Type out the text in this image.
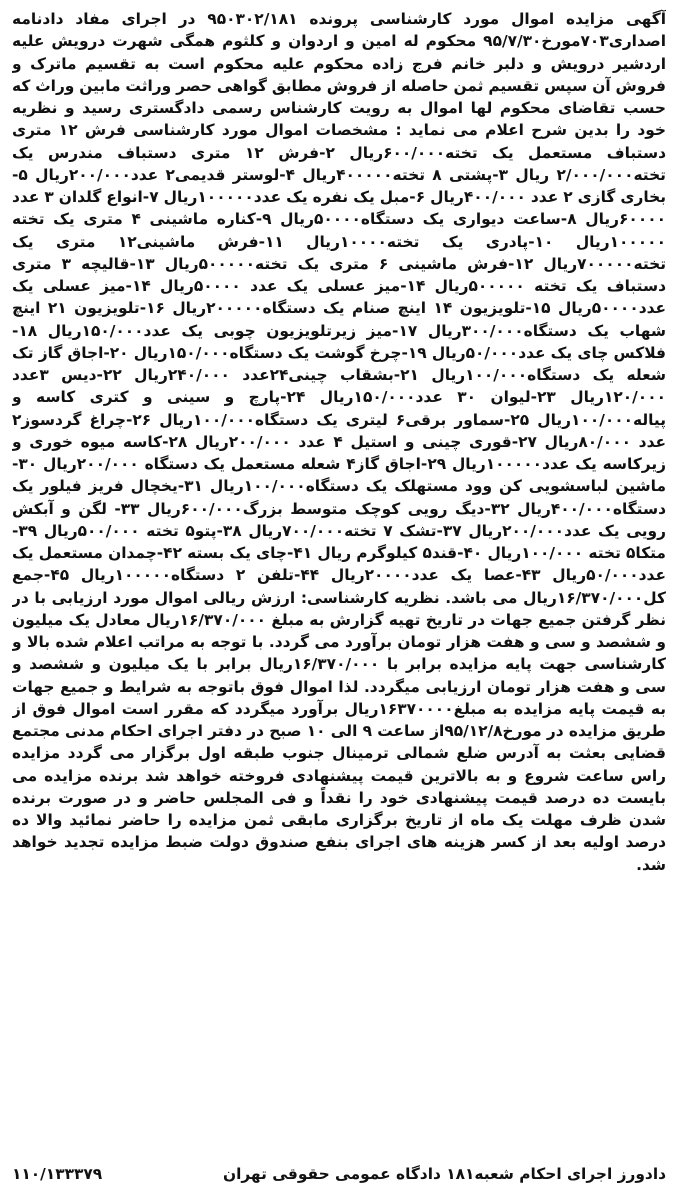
آگهی مزایده اموال مورد کارشناسی پرونده ۹۵۰۳۰۲/۱۸۱ در اجرای مفاد دادنامه اصداری۷۰۳مورخ۹۵/۷/۳۰ محکوم له امین و اردوان و کلثوم همگی شهرت درویش علیه اردشیر درویش و دلبر خانم فرج زاده محکوم علیه محکوم است به تقسیم ماترک و فروش آن سپس تقسیم ثمن حاصله از فروش مطابق گواهی حصر وراثت مابین وراث که حسب تقاضای محکوم لها اموال به رویت کارشناس رسمی دادگستری رسید و نظریه خود را بدین شرح اعلام می نماید : مشخصات اموال مورد کارشناسی فرش ۱۲ متری دستباف مستعمل یک تخته۶۰۰/۰۰۰ریال ۲-فرش ۱۲ متری دستباف مندرس یک تخته۲/۰۰۰/۰۰۰ ریال ۳-پشتی ۸ تخته۴۰۰۰۰۰ریال ۴-لوستر قدیمی۲ عدد۲۰۰/۰۰۰ریال ۵-بخاری گازی ۲ عدد ۴۰۰/۰۰۰ریال ۶-مبل یک نفره یک عدد۱۰۰۰۰۰ریال ۷-انواع گلدان ۳ عدد ۶۰۰۰۰ریال ۸-ساعت دیواری یک دستگاه۵۰۰۰۰ریال ۹-کناره ماشینی ۴ متری یک تخته ۱۰۰۰۰۰ریال ۱۰-پادری یک تخته۱۰۰۰۰ریال ۱۱-فرش ماشینی۱۲ متری یک تخته۷۰۰۰۰۰ریال ۱۲-فرش ماشینی ۶ متری یک تخته۵۰۰۰۰۰ریال ۱۳-قالیچه ۳ متری دستباف یک تخته ۵۰۰۰۰۰ریال ۱۴-میز عسلی یک عدد ۵۰۰۰۰ریال ۱۴-میز عسلی یک عدد۵۰۰۰۰ریال ۱۵-تلویزیون ۱۴ اینچ صنام یک دستگاه۲۰۰۰۰۰ریال ۱۶-تلویزیون ۲۱ اینچ شهاب یک دستگاه۳۰۰/۰۰۰ریال ۱۷-میز زیرتلویزیون چوبی یک عدد۱۵۰/۰۰۰ریال ۱۸-فلاکس چای یک عدد۵۰/۰۰۰ریال ۱۹-چرخ گوشت یک دستگاه۱۵۰/۰۰۰ریال ۲۰-اجاق گاز تک شعله یک دستگاه۱۰۰/۰۰۰ریال ۲۱-بشقاب چینی۲۴عدد ۲۴۰/۰۰۰ریال ۲۲-دیس ۳عدد ۱۲۰/۰۰۰ریال ۲۳-لیوان ۳۰ عدد۱۵۰/۰۰۰ریال ۲۴-پارچ و سینی و کتری کاسه و پیاله۱۰۰/۰۰۰ریال ۲۵-سماور برقی۶ لیتری یک دستگاه۱۰۰/۰۰۰ریال ۲۶-چراغ گردسوز۲ عدد ۸۰/۰۰۰ریال ۲۷-قوری چینی و استیل ۴ عدد ۲۰۰/۰۰۰ریال ۲۸-کاسه میوه خوری و زیرکاسه یک عدد۱۰۰۰۰۰ریال ۲۹-اجاق گاز۴ شعله مستعمل یک دستگاه ۲۰۰/۰۰۰ریال ۳۰-ماشین لباسشویی کن وود مستهلک یک دستگاه۱۰۰/۰۰۰ریال ۳۱-یخچال فریز فیلور یک دستگاه۴۰۰/۰۰۰ریال ۳۲-دیگ رویی کوچک متوسط بزرگ۶۰۰/۰۰۰ریال ۳۳- لگن و آبکش رویی یک عدد۲۰۰/۰۰۰ریال ۳۷-تشک ۷ تخته۷۰۰/۰۰۰ریال ۳۸-پتو۵ تخته ۵۰۰/۰۰۰ریال ۳۹-متکا۵ تخته ۱۰۰/۰۰۰ریال ۴۰-قند۵ کیلوگرم ریال ۴۱-چای یک بسته ۴۲-چمدان مستعمل یک عدد۵۰/۰۰۰ریال ۴۳-عصا یک عدد۲۰۰۰۰ریال ۴۴-تلفن ۲ دستگاه۱۰۰۰۰۰ریال ۴۵-جمع کل۱۶/۳۷۰/۰۰۰ریال می باشد. نظریه کارشناسی: ارزش ریالی اموال مورد ارزیابی با در نظر گرفتن جمیع جهات در تاریخ تهیه گزارش به مبلغ ۱۶/۳۷۰/۰۰۰ریال معادل یک میلیون و ششصد و سی و هفت هزار تومان برآورد می گردد. با توجه به مراتب اعلام شده بالا و کارشناسی جهت پایه مزایده برابر با ۱۶/۳۷۰/۰۰۰ریال برابر با یک میلیون و ششصد و سی و هفت هزار تومان ارزیابی میگردد. لذا اموال فوق باتوجه به شرایط و جمیع جهات به قیمت پایه مزایده به مبلغ۱۶۳۷۰۰۰۰ریال برآورد میگردد که مقرر است اموال فوق از طریق مزایده در مورخ۹۵/۱۲/۸از ساعت ۹ الی ۱۰ صبح در دفتر اجرای احکام مدنی مجتمع قضایی بعثت به آدرس ضلع شمالی ترمینال جنوب طبقه اول برگزار می گردد مزایده راس ساعت شروع و به بالاترین قیمت پیشنهادی فروخته خواهد شد برنده مزایده می بایست ده درصد قیمت پیشنهادی خود را نقداً و فی المجلس حاضر و در صورت برنده شدن ظرف مهلت یک ماه از تاریخ برگزاری مابقی ثمن مزایده را حاضر نمائید والا ده درصد اولیه بعد از کسر هزینه های اجرای بنفع صندوق دولت ضبط مزایده تجدید خواهد شد.
دادورز اجرای احکام شعبه۱۸۱ دادگاه عمومی حقوقی تهران
۱۱۰/۱۳۳۳۷۹
